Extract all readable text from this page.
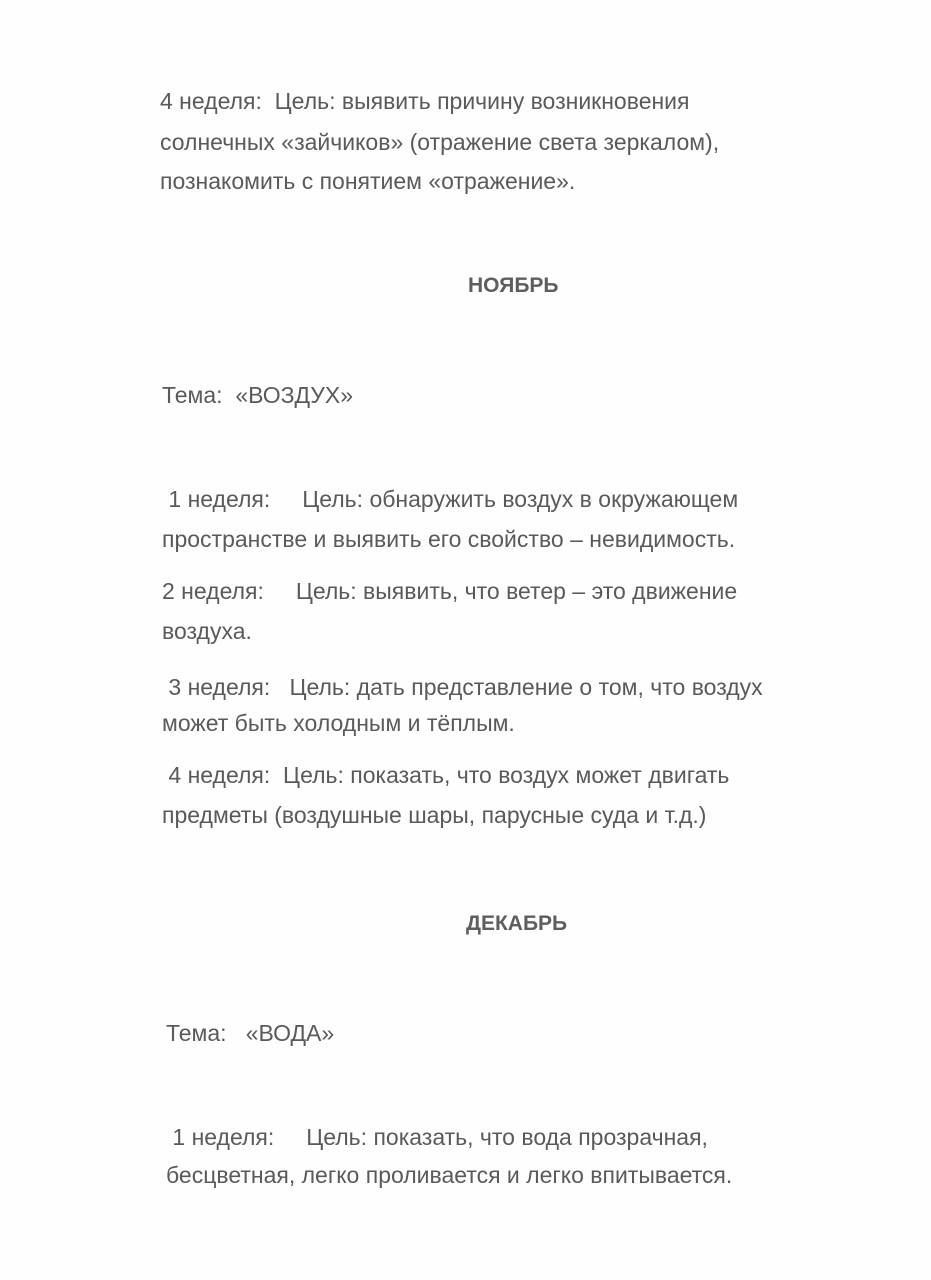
4 неделя:  Цель: выявить причину возникновения

солнечных «зайчиков» (отражение света зеркалом),

познакомить с понятием «отражение».

НОЯБРЬ

Тема:  «ВОЗДУХ»

1 неделя:     Цель: обнаружить воздух в окружающем

пространстве и выявить его свойство – невидимость.

2 неделя:     Цель: выявить, что ветер – это движение

воздуха.

3 неделя:   Цель: дать представление о том, что воздух

может быть холодным и тёплым.

4 неделя:  Цель: показать, что воздух может двигать

предметы (воздушные шары, парусные суда и т.д.)

ДЕКАБРЬ

Тема:   «ВОДА»

1 неделя:     Цель: показать, что вода прозрачная,

бесцветная, легко проливается и легко впитывается.
